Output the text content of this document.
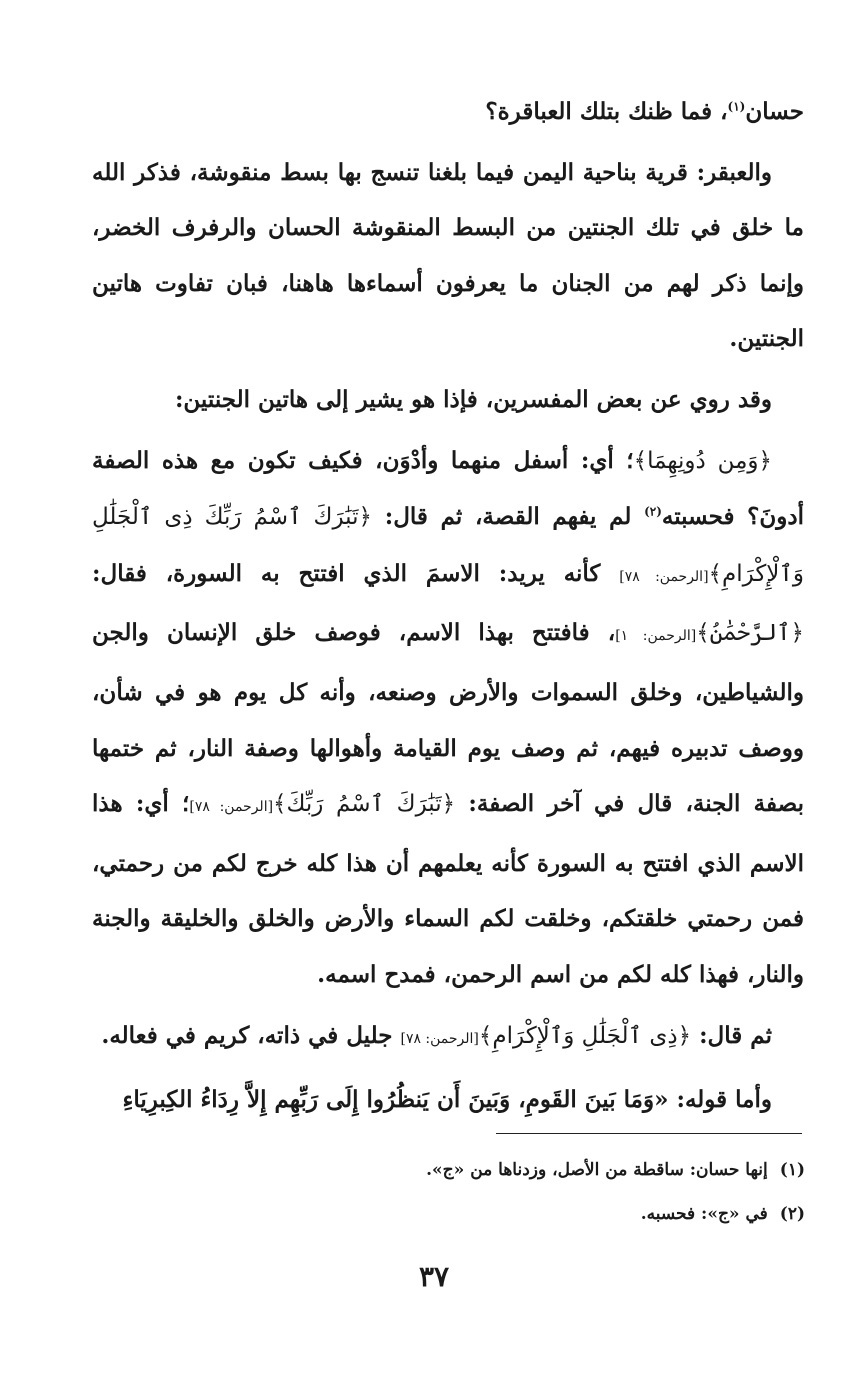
حسان$^{(١)}$، فما ظنك بتلك العباقرة؟

والعبقر: قرية بناحية اليمن فيما بلغنا تنسج بها بسط منقوشة، فذكر الله ما خلق في تلك الجنتين من البسط المنقوشة الحسان والرفرف الخضر، وإنما ذكر لهم من الجنان ما يعرفون أسماءها هاهنا، فبان تفاوت هاتين الجنتين.

وقد روي عن بعض المفسرين، فإذا هو يشير إلى هاتين الجنتين:

﴿وَمِن دُونِهِمَا﴾؛ أي: أسفل منهما وأدْوَن، فكيف تكون مع هذه الصفة أدونَ؟ فحسبته$^{(٢)}$ لم يفهم القصة، ثم قال: ﴿تَبَٰرَكَ ٱسْمُ رَبِّكَ ذِى ٱلْجَلَٰلِ وَٱلْإِكْرَامِ﴾[الرحمن: ٧٨] كأنه يريد: الاسمَ الذي افتتح به السورة، فقال: ﴿ٱلرَّحْمَٰنُ﴾[الرحمن: ١]، فافتتح بهذا الاسم، فوصف خلق الإنسان والجن والشياطين، وخلق السموات والأرض وصنعه، وأنه كل يوم هو في شأن، ووصف تدبيره فيهم، ثم وصف يوم القيامة وأهوالها وصفة النار، ثم ختمها بصفة الجنة، قال في آخر الصفة: ﴿تَبَٰرَكَ ٱسْمُ رَبِّكَ﴾[الرحمن: ٧٨]؛ أي: هذا الاسم الذي افتتح به السورة كأنه يعلمهم أن هذا كله خرج لكم من رحمتي، فمن رحمتي خلقتكم، وخلقت لكم السماء والأرض والخلق والخليقة والجنة والنار، فهذا كله لكم من اسم الرحمن، فمدح اسمه.

ثم قال: ﴿ذِى ٱلْجَلَٰلِ وَٱلْإِكْرَامِ﴾[الرحمن: ٧٨] جليل في ذاته، كريم في فعاله.

وأما قوله: «وَمَا بَينَ القَومِ، وَبَينَ أَن يَنظُرُوا إِلَى رَبِّهِم إِلاَّ رِدَاءُ الكِبرِيَاءِ

(١)إنها حسان: ساقطة من الأصل، وزدناها من «ج».

(٢)في «ج»: فحسبه.

٣٧
